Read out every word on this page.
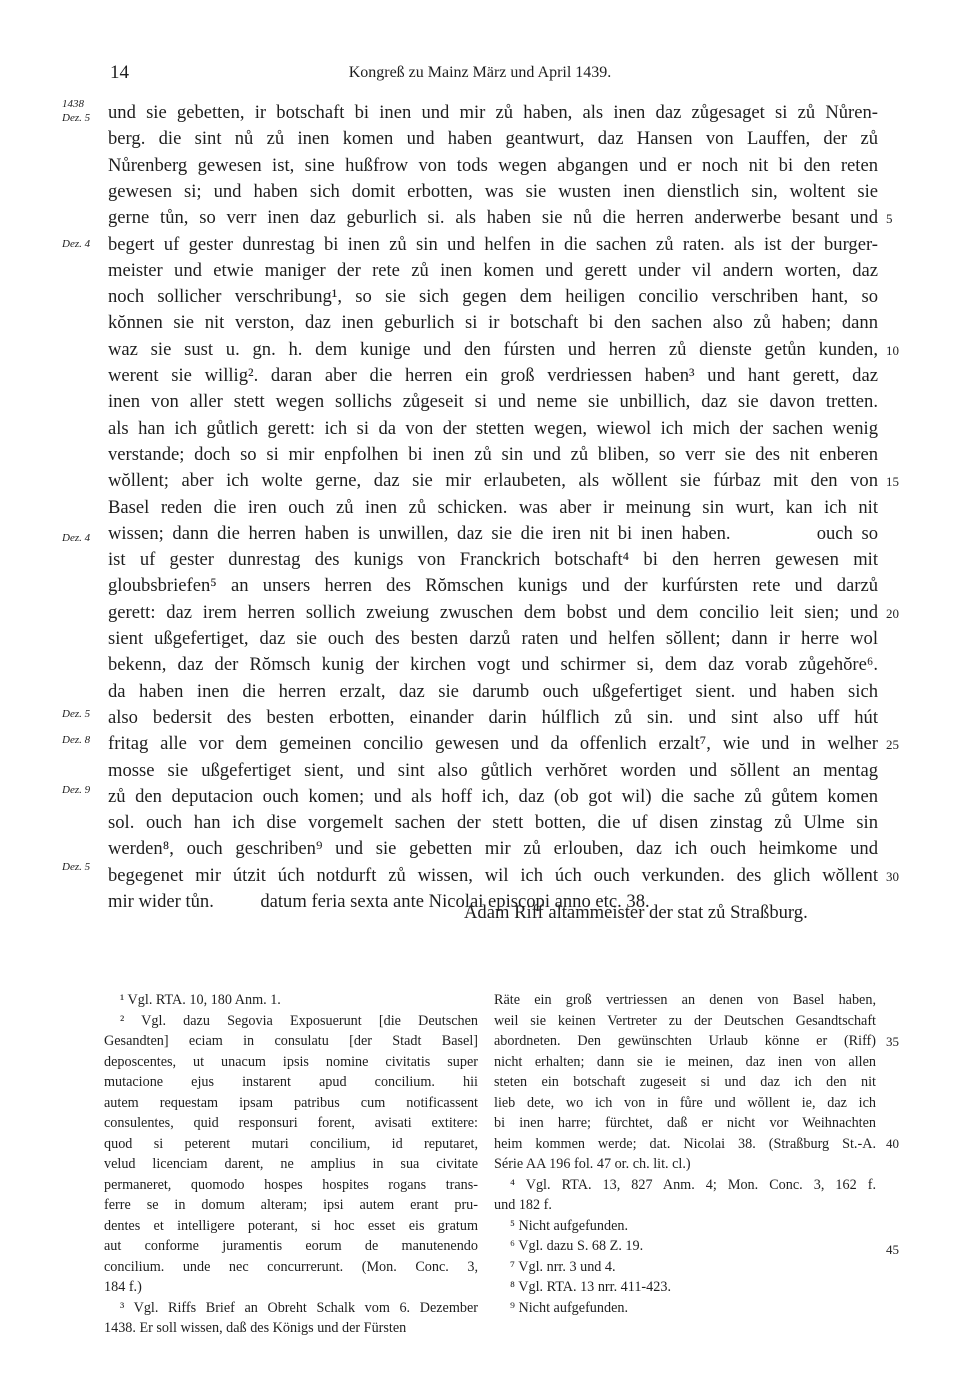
14	Kongreß zu Mainz März und April 1439.
1438
Dez. 5
Dez. 4
Dez. 4
Dez. 5
Dez. 8
Dez. 9
Dez. 5
und sie gebetten, ir botschaft bi inen und mir zů haben, als inen daz zůgesaget si zů Nůren-
berg. die sint nů zů inen komen und haben geantwurt, daz Hansen von Lauffen, der zů
Nůrenberg gewesen ist, sine hußfrow von tods wegen abgangen und er noch nit bi den reten
gewesen si; und haben sich domit erbotten, was sie wusten inen dienstlich sin, woltent sie
gerne tůn, so verr inen daz geburlich si. als haben sie nů die herren anderwerbe besant und
begert uf gester dunrestag bi inen zů sin und helfen in die sachen zů raten. als ist der burger-
meister und etwie maniger der rete zů inen komen und gerett under vil andern worten, daz
noch sollicher verschribung¹, so sie sich gegen dem heiligen concilio verschriben hant, so
kŏnnen sie nit verston, daz inen geburlich si ir botschaft bi den sachen also zů haben; dann
waz sie sust u. gn. h. dem kunige und den fúrsten und herren zů dienste getůn kunden,
werent sie willig². daran aber die herren ein groß verdriessen haben³ und hant gerett, daz
inen von aller stett wegen sollichs zůgeseit si und neme sie unbillich, daz sie davon tretten.
als han ich gůtlich gerett: ich si da von der stetten wegen, wiewol ich mich der sachen wenig
verstande; doch so si mir enpfolhen bi inen zů sin und zů bliben, so verr sie des nit enberen
wŏllent; aber ich wolte gerne, daz sie mir erlaubeten, als wŏllent sie fúrbaz mit den von
Basel reden die iren ouch zů inen zů schicken. was aber ir meinung sin wurt, kan ich nit
wissen; dann die herren haben is unwillen, daz sie die iren nit bi inen haben.          ouch so
ist uf gester dunrestag des kunigs von Franckrich botschaft⁴ bi den herren gewesen mit
gloubsbriefen⁵ an unsers herren des Rŏmschen kunigs und der kurfúrsten rete und darzů
gerett: daz irem herren sollich zweiung zwuschen dem bobst und dem concilio leit sien; und
sient ußgefertiget, daz sie ouch des besten darzů raten und helfen sŏllent; dann ir herre wol
bekenn, daz der Rŏmsch kunig der kirchen vogt und schirmer si, dem daz vorab zůgehŏre⁶.
da haben inen die herren erzalt, daz sie darumb ouch ußgefertiget sient. und haben sich
also bedersit des besten erbotten, einander darin húlflich zů sin. und sint also uff hút
fritag alle vor dem gemeinen concilio gewesen und da offenlich erzalt⁷, wie und in welher
mosse sie ußgefertiget sient, und sint also gůtlich verhŏret worden und sŏllent an mentag
zů den deputacion ouch komen; und als hoff ich, daz (ob got wil) die sache zů gůtem komen
sol. ouch han ich dise vorgemelt sachen der stett botten, die uf disen zinstag zů Ulme sin
werden⁸, ouch geschriben⁹ und sie gebetten mir zů erlouben, daz ich ouch heimkome und
begegenet mir útzit úch notdurft zů wissen, wil ich úch ouch verkunden. des glich wŏllent
mir wider tůn.          datum feria sexta ante Nicolai episcopi anno etc. 38.
5
10
15
20
25
30
Adam Riff altammeister der stat zů Straßburg.
¹ Vgl. RTA. 10, 180 Anm. 1.
² Vgl. dazu Segovia Exposuerunt [die Deutschen
Gesandten] eciam in consulatu [der Stadt Basel]
deposcentes, ut unacum ipsis nomine civitatis super
mutacione ejus instarent apud concilium. hii
autem requestam ipsam patribus cum notificassent
consulentes, quid responsuri forent, avisati extitere:
quod si peterent mutari concilium, id reputaret,
velud licenciam darent, ne amplius in sua civitate
permaneret, quomodo hospes hospites rogans trans-
ferre se in domum alteram; ipsi autem erant pru-
dentes et intelligere poterant, si hoc esset eis gratum
aut conforme juramentis eorum de manutenendo
concilium. unde nec concurrerunt. (Mon. Conc. 3,
184 f.)
³ Vgl. Riffs Brief an Obreht Schalk vom 6. Dezember
1438. Er soll wissen, daß des Königs und der Fürsten
Räte ein groß vertriessen an denen von Basel haben,
weil sie keinen Vertreter zu der Deutschen Gesandtschaft
abordneten. Den gewünschten Urlaub könne er (Riff)
nicht erhalten; dann sie ie meinen, daz inen von allen
steten ein botschaft zugeseit si und daz ich den nit
lieb dete, wo ich von in fůre und wŏllent ie, daz ich
bi inen harre; fürchtet, daß er nicht vor Weihnachten
heim kommen werde; dat. Nicolai 38. (Straßburg St.-A.
Série AA 196 fol. 47 or. ch. lit. cl.)
⁴ Vgl. RTA. 13, 827 Anm. 4; Mon. Conc. 3, 162 f.
und 182 f.
⁵ Nicht aufgefunden.
⁶ Vgl. dazu S. 68 Z. 19.
⁷ Vgl. nrr. 3 und 4.
⁸ Vgl. RTA. 13 nrr. 411-423.
⁹ Nicht aufgefunden.
35
40
45
